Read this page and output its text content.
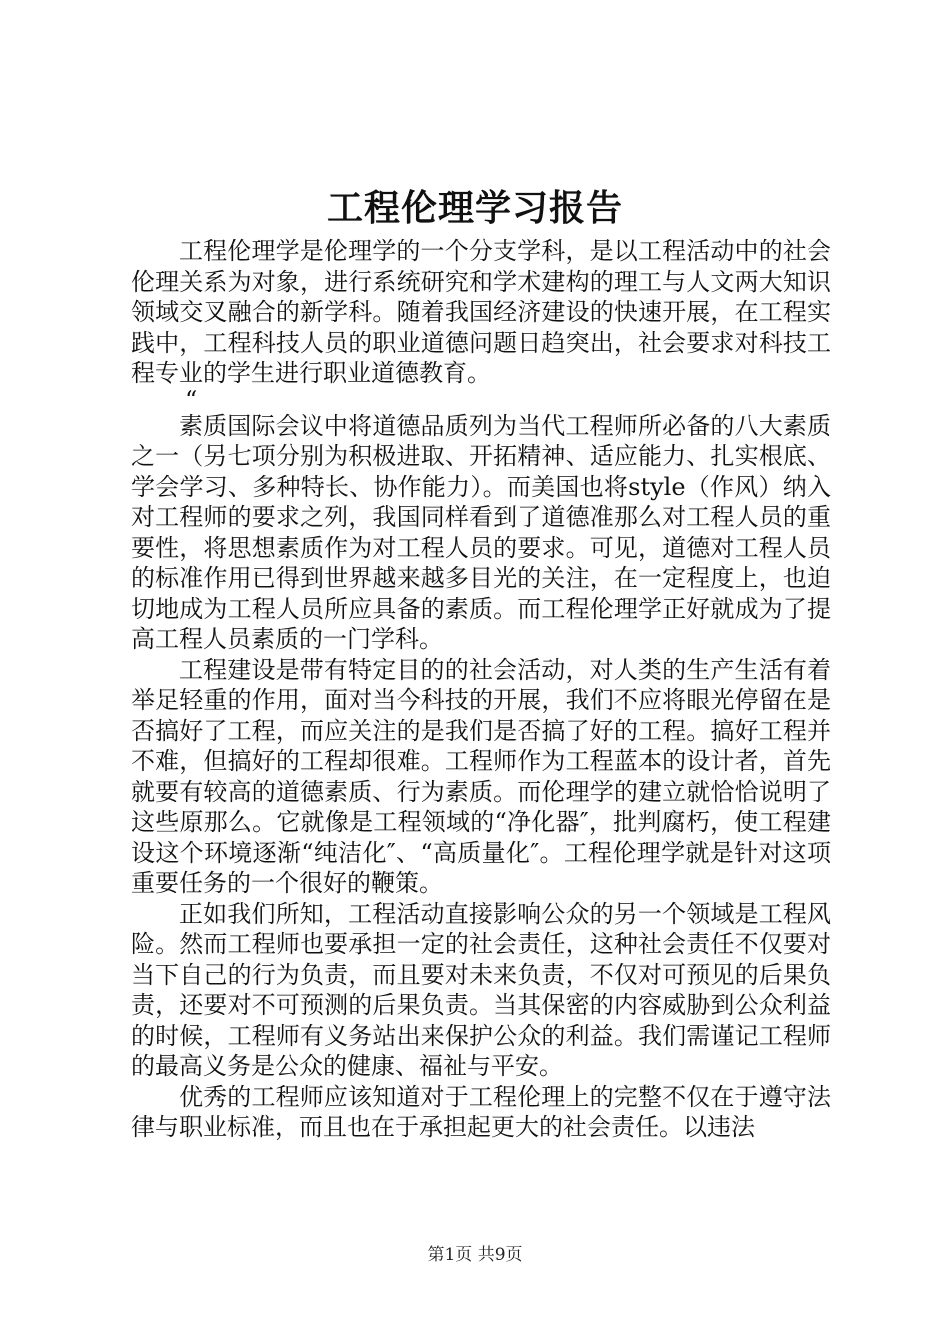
工程伦理学习报告

工程伦理学是伦理学的一个分支学科，是以工程活动中的社会伦理关系为对象，进行系统研究和学术建构的理工与人文两大知识领域交叉融合的新学科。随着我国经济建设的快速开展，在工程实践中，工程科技人员的职业道德问题日趋突出，社会要求对科技工程专业的学生进行职业道德教育。

“

素质国际会议中将道德品质列为当代工程师所必备的八大素质之一（另七项分别为积极进取、开拓精神、适应能力、扎实根底、学会学习、多种特长、协作能力）。而美国也将style（作风）纳入对工程师的要求之列，我国同样看到了道德准那么对工程人员的重要性，将思想素质作为对工程人员的要求。可见，道德对工程人员的标准作用已得到世界越来越多目光的关注，在一定程度上，也迫切地成为工程人员所应具备的素质。而工程伦理学正好就成为了提高工程人员素质的一门学科。

工程建设是带有特定目的的社会活动，对人类的生产生活有着举足轻重的作用，面对当今科技的开展，我们不应将眼光停留在是否搞好了工程，而应关注的是我们是否搞了好的工程。搞好工程并不难，但搞好的工程却很难。工程师作为工程蓝本的设计者，首先就要有较高的道德素质、行为素质。而伦理学的建立就恰恰说明了这些原那么。它就像是工程领域的“净化器″，批判腐朽，使工程建设这个环境逐渐“纯洁化″、“高质量化″。工程伦理学就是针对这项重要任务的一个很好的鞭策。

正如我们所知，工程活动直接影响公众的另一个领域是工程风险。然而工程师也要承担一定的社会责任，这种社会责任不仅要对当下自己的行为负责，而且要对未来负责，不仅对可预见的后果负责，还要对不可预测的后果负责。当其保密的内容威胁到公众利益的时候，工程师有义务站出来保护公众的利益。我们需谨记工程师的最高义务是公众的健康、福祉与平安。

优秀的工程师应该知道对于工程伦理上的完整不仅在于遵守法律与职业标准，而且也在于承担起更大的社会责任。以违法

第1页 共9页
